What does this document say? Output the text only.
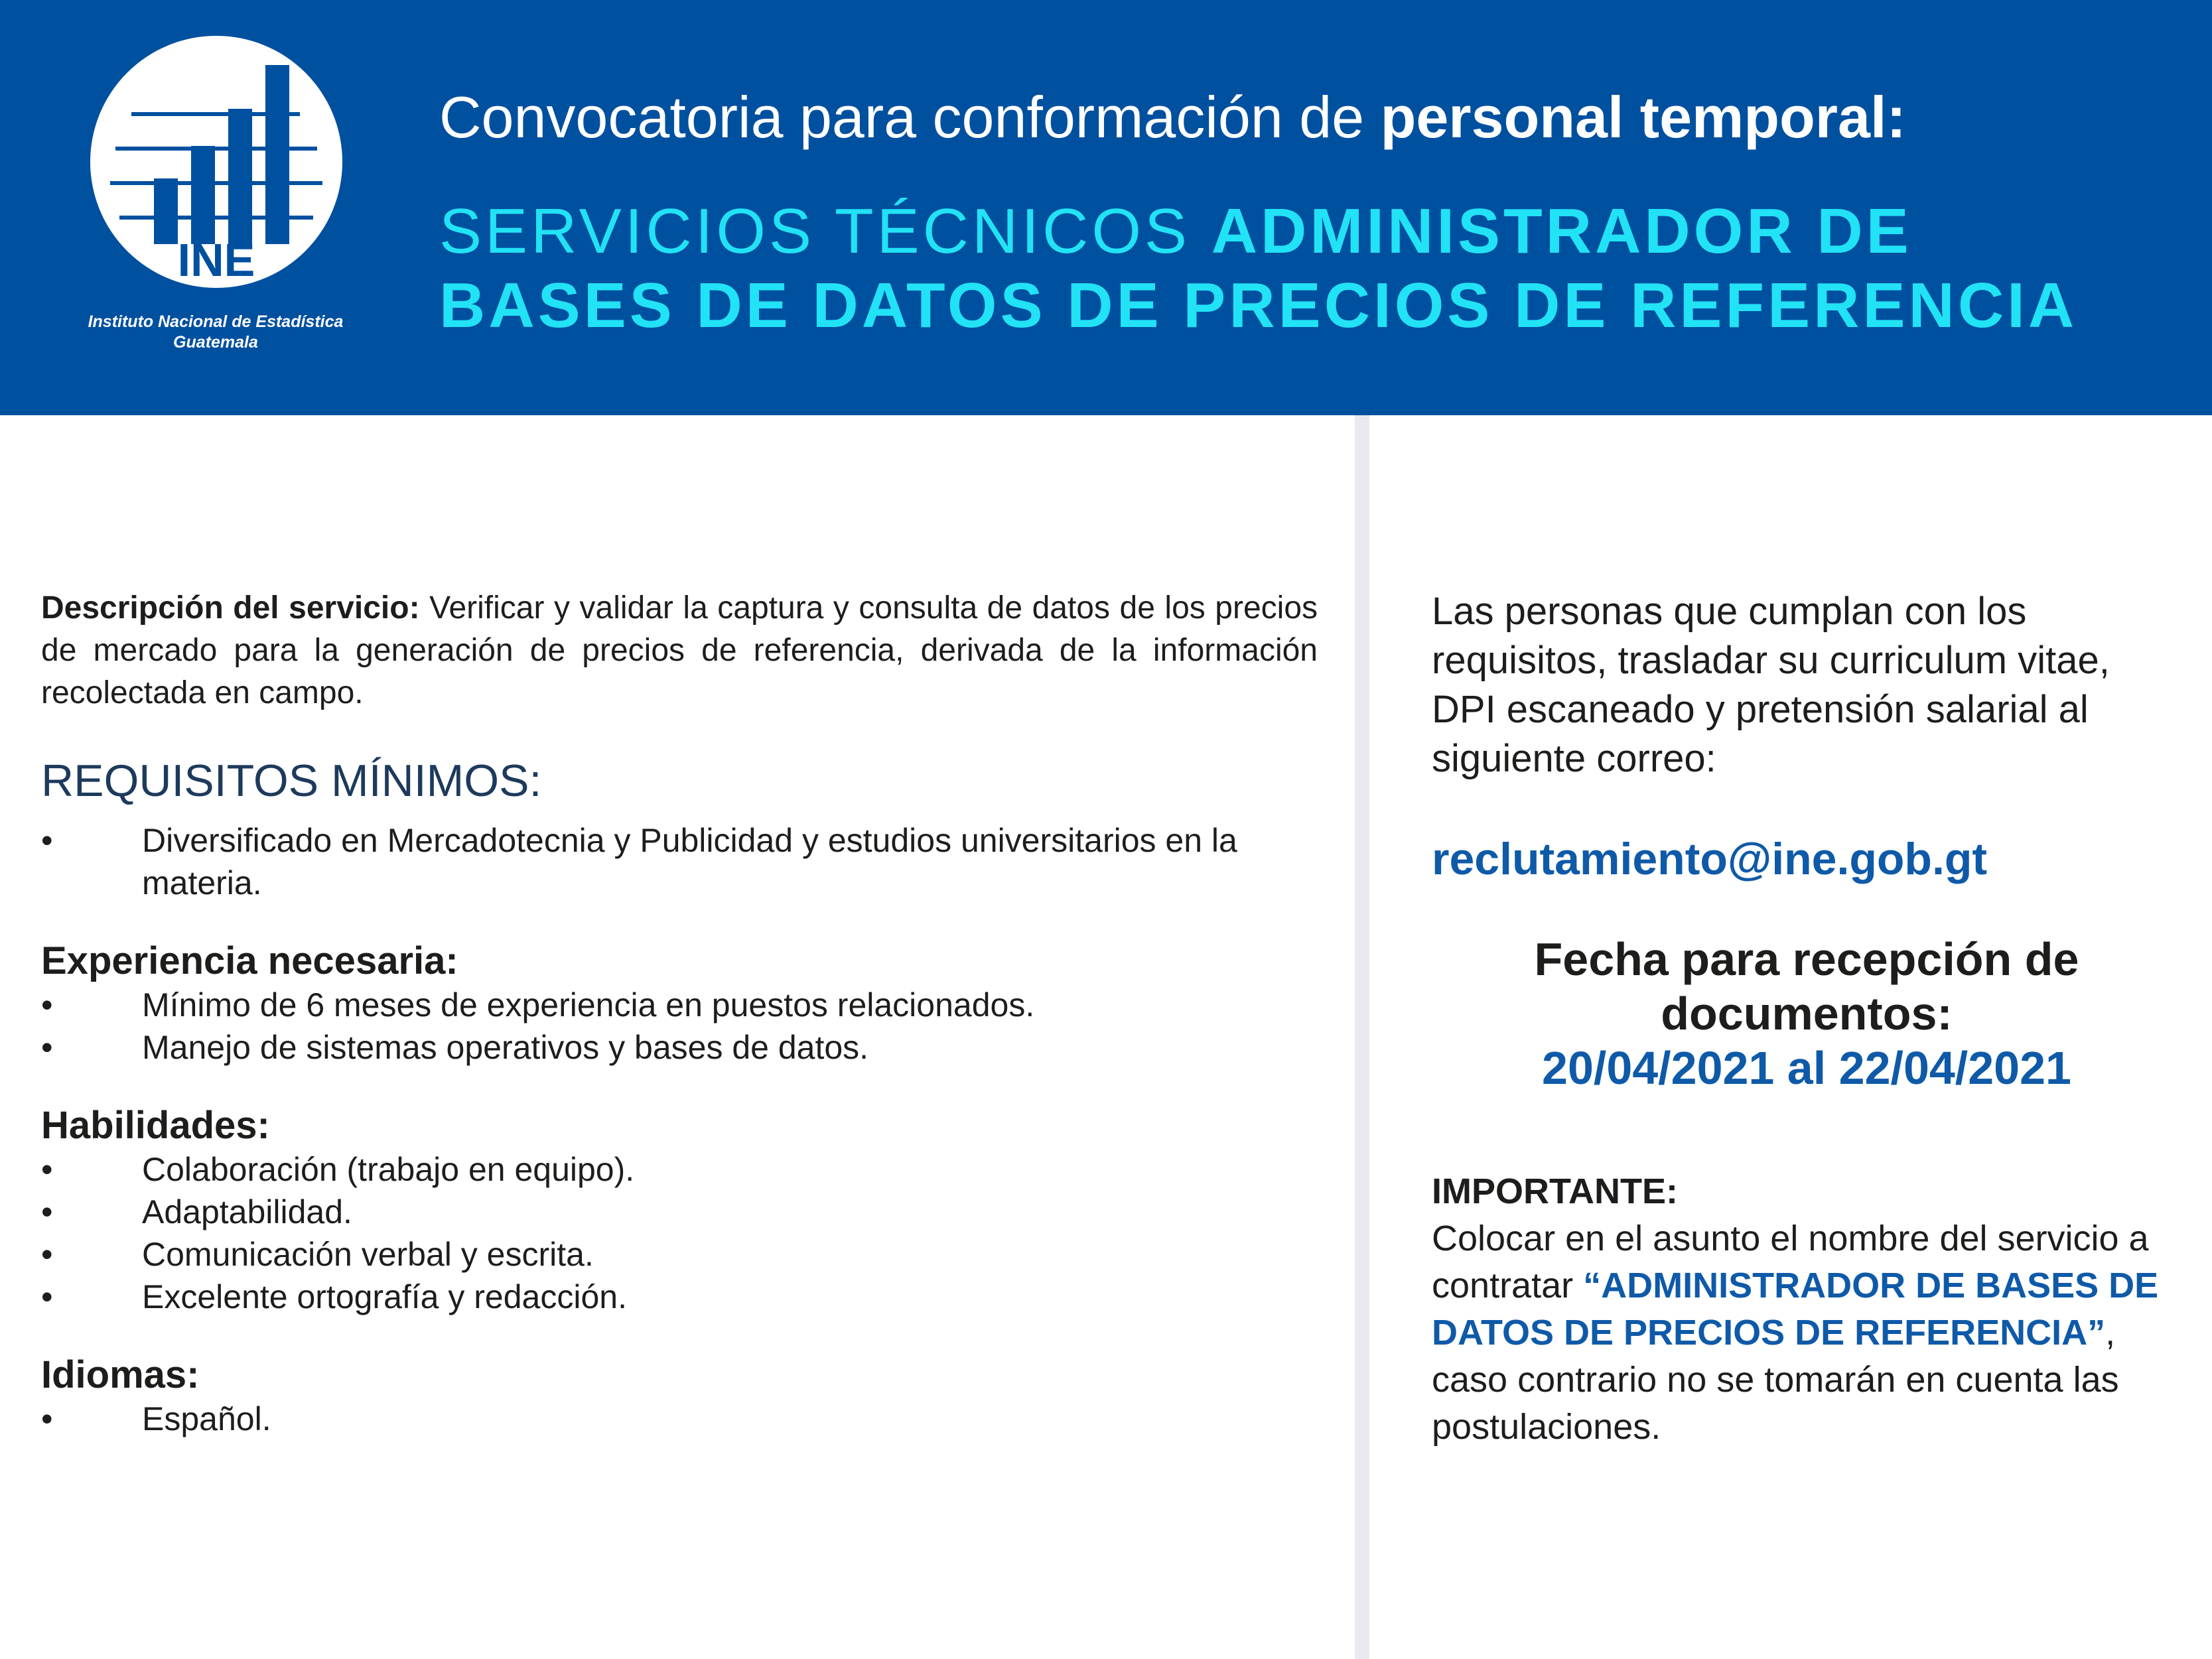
INE
Instituto Nacional de Estadística
Guatemala
Convocatoria para conformación de personal temporal:
SERVICIOS TÉCNICOS ADMINISTRADOR DE
BASES DE DATOS DE PRECIOS DE REFERENCIA

Descripción del servicio: Verificar y validar la captura y consulta de datos de los precios de mercado para la generación de precios de referencia, derivada de la información recolectada en campo.

REQUISITOS MÍNIMOS:
•	Diversificado en Mercadotecnia y Publicidad y estudios universitarios en la materia.
Experiencia necesaria:
•	Mínimo de 6 meses de experiencia en puestos relacionados.
•	Manejo de sistemas operativos y bases de datos.
Habilidades:
•	Colaboración (trabajo en equipo).
•	Adaptabilidad.
•	Comunicación verbal y escrita.
•	Excelente ortografía y redacción.
Idiomas:
•	Español.

Las personas que cumplan con los requisitos, trasladar su curriculum vitae, DPI escaneado y pretensión salarial al siguiente correo:

reclutamiento@ine.gob.gt
Fecha para recepción de documentos:
20/04/2021 al 22/04/2021
IMPORTANTE:
Colocar en el asunto el nombre del servicio a contratar “ADMINISTRADOR DE BASES DE DATOS DE PRECIOS DE REFERENCIA”, caso contrario no se tomarán en cuenta las postulaciones.
